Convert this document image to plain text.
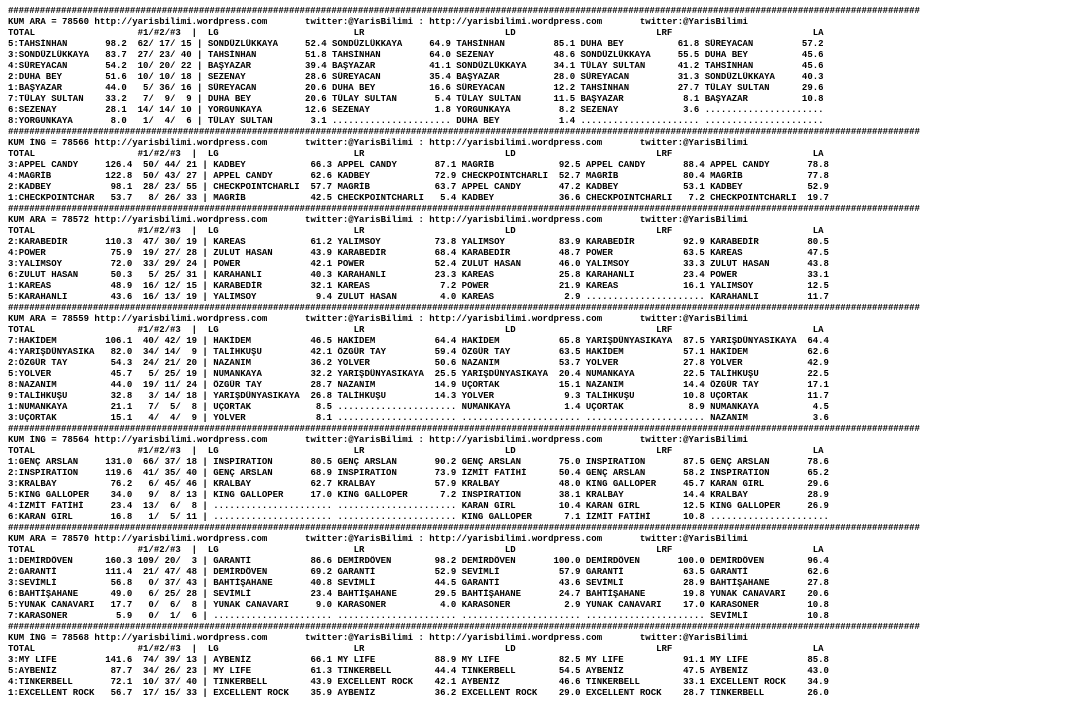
############################################################################################################################################################################
KUM ARA = 78560 http://yarisbilimi.wordpress.com       twitter:@YarisBilimi : http://yarisbilimi.wordpress.com       twitter:@YarisBilimi
TOTAL                   #1/#2/#3  |  LG                         LR                          LD                          LRF                          LA
5:TAHSİNHAN       98.2  62/ 17/ 15 | SONDÜZLÜKKAYA     52.4 SONDÜZLÜKKAYA     64.9 TAHSİNHAN         85.1 DUHA BEY          61.8 SÜREYACAN         57.2
3:SONDÜZLÜKKAYA   83.7  27/ 23/ 40 | TAHSİNHAN         51.8 TAHSİNHAN         64.0 SEZENAY           48.6 SONDÜZLÜKKAYA     55.5 DUHA BEY          45.6
4:SÜREYACAN       54.2  10/ 20/ 22 | BAŞYAZAR          39.4 BAŞYAZAR          41.1 SONDÜZLÜKKAYA     34.1 TÜLAY SULTAN      41.2 TAHSİNHAN         45.6
2:DUHA BEY        51.6  10/ 10/ 18 | SEZENAY           28.6 SÜREYACAN         35.4 BAŞYAZAR          28.0 SÜREYACAN         31.3 SONDÜZLÜKKAYA     40.3
1:BAŞYAZAR        44.0   5/ 36/ 16 | SÜREYACAN         20.6 DUHA BEY          16.6 SÜREYACAN         12.2 TAHSİNHAN         27.7 TÜLAY SULTAN      29.6
7:TÜLAY SULTAN    33.2   7/  9/  9 | DUHA BEY          20.6 TÜLAY SULTAN       5.4 TÜLAY SULTAN      11.5 BAŞYAZAR           8.1 BAŞYAZAR          10.8
6:SEZENAY         28.1  14/ 14/ 10 | YORGUNKAYA        12.6 SEZENAY            1.8 YORGUNKAYA         8.2 SEZENAY            3.6 ......................
8:YORGUNKAYA       8.0   1/  4/  6 | TÜLAY SULTAN       3.1 ...................... DUHA BEY           1.4 ...................... ......................
############################################################################################################################################################################
KUM İNG = 78566 http://yarisbilimi.wordpress.com       twitter:@YarisBilimi : http://yarisbilimi.wordpress.com       twitter:@YarisBilimi
TOTAL                   #1/#2/#3  |  LG                         LR                          LD                          LRF                          LA
3:APPEL CANDY     126.4  50/ 44/ 21 | KADBEY            66.3 APPEL CANDY       87.1 MAGRİB            92.5 APPEL CANDY       88.4 APPEL CANDY       78.8
4:MAGRİB          122.8  50/ 43/ 27 | APPEL CANDY       62.6 KADBEY            72.9 CHECKPOINTCHARLI  52.7 MAGRİB            80.4 MAGRİB            77.8
2:KADBEY           98.1  28/ 23/ 55 | CHECKPOINTCHARLI  57.7 MAGRİB            63.7 APPEL CANDY       47.2 KADBEY            53.1 KADBEY            52.9
1:CHECKPOINTCHAR   53.7   8/ 26/ 33 | MAGRİB            42.5 CHECKPOINTCHARLI   5.4 KADBEY            36.6 CHECKPOINTCHARLI   7.2 CHECKPOINTCHARLI  19.7
############################################################################################################################################################################
KUM ARA = 78572 http://yarisbilimi.wordpress.com       twitter:@YarisBilimi : http://yarisbilimi.wordpress.com       twitter:@YarisBilimi
TOTAL                   #1/#2/#3  |  LG                         LR                          LD                          LRF                          LA
2:KARABEDİR       110.3  47/ 30/ 19 | KAREAS            61.2 YALIMSOY          73.8 YALIMSOY          83.9 KARABEDİR         92.9 KARABEDİR         80.5
4:POWER            75.9  19/ 27/ 28 | ZULUT HASAN       43.9 KARABEDİR         68.4 KARABEDİR         48.7 POWER             63.5 KAREAS            47.5
3:YALIMSOY         72.0  33/ 29/ 24 | POWER             42.1 POWER             52.4 ZULUT HASAN       46.0 YALIMSOY          33.3 ZULUT HASAN       43.8
6:ZULUT HASAN      50.3   5/ 25/ 31 | KARAHANLI         40.3 KARAHANLI         23.3 KAREAS            25.8 KARAHANLI         23.4 POWER             33.1
1:KAREAS           48.9  16/ 12/ 15 | KARABEDİR         32.1 KAREAS             7.2 POWER             21.9 KAREAS            16.1 YALIMSOY          12.5
5:KARAHANLI        43.6  16/ 13/ 19 | YALIMSOY           9.4 ZULUT HASAN        4.0 KAREAS             2.9 ...................... KARAHANLI         11.7
############################################################################################################################################################################
KUM ARA = 78559 http://yarisbilimi.wordpress.com       twitter:@YarisBilimi : http://yarisbilimi.wordpress.com       twitter:@YarisBilimi
TOTAL                   #1/#2/#3  |  LG                         LR                          LD                          LRF                          LA
7:HAKİDEM         106.1  40/ 42/ 19 | HAKİDEM           46.5 HAKİDEM           64.4 HAKİDEM           65.8 YARIŞDÜNYASIKAYA  87.5 YARIŞDÜNYASIKAYA  64.4
4:YARIŞDÜNYASIKA   82.0  34/ 14/  9 | TALİHKUŞU         42.1 ÖZGÜR TAY         59.4 ÖZGÜR TAY         63.5 HAKİDEM           57.1 HAKİDEM           62.6
2:ÖZGÜR TAY        54.3  24/ 21/ 20 | NAZANIM           36.2 YOLVER            50.6 NAZANIM           53.7 YOLVER            27.8 YOLVER            42.9
5:YOLVER           45.7   5/ 25/ 19 | NUMANKAYA         32.2 YARIŞDÜNYASIKAYA  25.5 YARIŞDÜNYASIKAYA  20.4 NUMANKAYA         22.5 TALİHKUŞU         22.5
8:NAZANIM          44.0  19/ 11/ 24 | ÖZGÜR TAY         28.7 NAZANIM           14.9 UÇORTAK           15.1 NAZANIM           14.4 ÖZGÜR TAY         17.1
9:TALİHKUŞU        32.8   3/ 14/ 18 | YARIŞDÜNYASIKAYA  26.8 TALİHKUŞU         14.3 YOLVER             9.3 TALİHKUŞU         10.8 UÇORTAK           11.7
1:NUMANKAYA        21.1   7/  5/  8 | UÇORTAK            8.5 ...................... NUMANKAYA          1.4 UÇORTAK            8.9 NUMANKAYA          4.5
3:UÇORTAK          15.1   4/  4/  9 | YOLVER             8.1 ...................... ...................... ...................... NAZANIM            3.6
############################################################################################################################################################################
KUM İNG = 78564 http://yarisbilimi.wordpress.com       twitter:@YarisBilimi : http://yarisbilimi.wordpress.com       twitter:@YarisBilimi
TOTAL                   #1/#2/#3  |  LG                         LR                          LD                          LRF                          LA
1:GENÇ ARSLAN     131.0  66/ 37/ 18 | INSPIRATION       80.5 GENÇ ARSLAN       90.2 GENÇ ARSLAN       75.0 INSPIRATION       87.5 GENÇ ARSLAN       78.6
2:INSPIRATION     119.6  41/ 35/ 40 | GENÇ ARSLAN       68.9 INSPIRATION       73.9 İZMİT FATİHİ      50.4 GENÇ ARSLAN       58.2 INSPIRATION       65.2
3:KRALBAY          76.2   6/ 45/ 46 | KRALBAY           62.7 KRALBAY           57.9 KRALBAY           48.0 KING GALLOPER     45.7 KARAN GIRL        29.6
5:KING GALLOPER    34.0   9/  8/ 13 | KING GALLOPER     17.0 KING GALLOPER      7.2 INSPIRATION       38.1 KRALBAY           14.4 KRALBAY           28.9
4:İZMİT FATİHİ     23.4  13/  6/  8 | ...................... ...................... KARAN GIRL        10.4 KARAN GIRL        12.5 KING GALLOPER     26.9
6:KARAN GIRL       16.8   1/  5/ 11 | ...................... ...................... KING GALLOPER      7.1 İZMİT FATİHİ      10.8 ......................
############################################################################################################################################################################
KUM ARA = 78570 http://yarisbilimi.wordpress.com       twitter:@YarisBilimi : http://yarisbilimi.wordpress.com       twitter:@YarisBilimi
TOTAL                   #1/#2/#3  |  LG                         LR                          LD                          LRF                          LA
1:DEMİRDÖVEN      160.3 109/ 20/  3 | GARANTİ           86.6 DEMİRDÖVEN        98.2 DEMİRDÖVEN       100.0 DEMİRDÖVEN       100.0 DEMİRDÖVEN        96.4
2:GARANTİ         111.4  21/ 47/ 48 | DEMİRDÖVEN        69.2 GARANTİ           52.9 SEVİMLİ           57.9 GARANTİ           63.5 GARANTİ           62.6
3:SEVİMLİ          56.8   0/ 37/ 43 | BAHTİŞAHANE       40.8 SEVİMLİ           44.5 GARANTİ           43.6 SEVİMLİ           28.9 BAHTİŞAHANE       27.8
6:BAHTİŞAHANE      49.0   6/ 25/ 28 | SEVİMLİ           23.4 BAHTİŞAHANE       29.5 BAHTİŞAHANE       24.7 BAHTİŞAHANE       19.8 YUNAK CANAVARI    20.6
5:YUNAK CANAVARI   17.7   0/  6/  8 | YUNAK CANAVARI     9.0 KARASONER          4.0 KARASONER          2.9 YUNAK CANAVARI    17.0 KARASONER         10.8
7:KARASONER         5.9   0/  1/  6 | ...................... ...................... ...................... ...................... SEVİMLİ           10.8
############################################################################################################################################################################
KUM İNG = 78568 http://yarisbilimi.wordpress.com       twitter:@YarisBilimi : http://yarisbilimi.wordpress.com       twitter:@YarisBilimi
TOTAL                   #1/#2/#3  |  LG                         LR                          LD                          LRF                          LA
3:MY LIFE         141.6  74/ 39/ 13 | AYBENİZ           66.1 MY LIFE           88.9 MY LIFE           82.5 MY LIFE           91.1 MY LIFE           85.8
5:AYBENİZ          87.7  34/ 26/ 23 | MY LIFE           61.3 TINKERBELL        44.4 TINKERBELL        54.5 AYBENİZ           47.5 AYBENİZ           43.0
4:TINKERBELL       72.1  10/ 37/ 40 | TINKERBELL        43.9 EXCELLENT ROCK    42.1 AYBENİZ           46.6 TINKERBELL        33.1 EXCELLENT ROCK    34.9
1:EXCELLENT ROCK   56.7  17/ 15/ 33 | EXCELLENT ROCK    35.9 AYBENİZ           36.2 EXCELLENT ROCK    29.0 EXCELLENT ROCK    28.7 TINKERBELL        26.0
